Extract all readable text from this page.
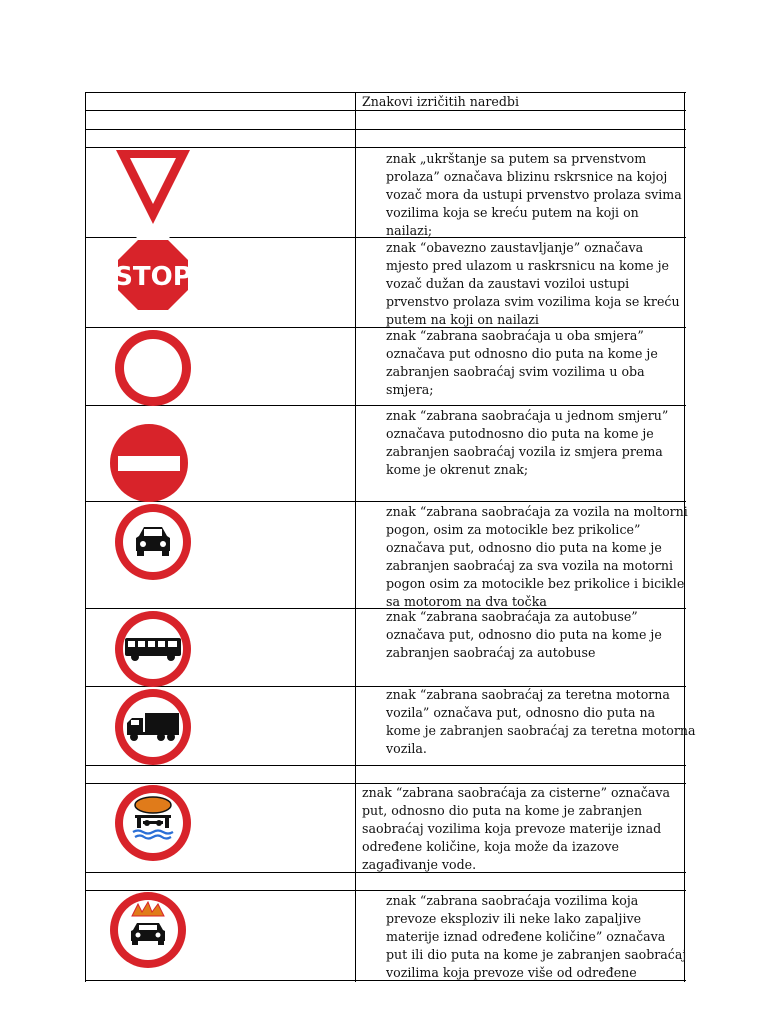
Znakovi izričitih naredbi
znak „ukrštanje sa putem sa prvenstvom
prolaza” označava blizinu rskrsnice na kojoj
vozač mora da ustupi prvenstvo prolaza svima
vozilima koja se kreću putem na koji on
nailazi;
STOP
znak “obavezno zaustavljanje” označava
mjesto pred ulazom u raskrsnicu na kome je
vozač dužan da zaustavi voziloi ustupi
prvenstvo prolaza svim vozilima koja se kreću
putem na koji on nailazi
znak “zabrana saobraćaja u oba smjera”
označava put odnosno dio puta na kome je
zabranjen saobraćaj svim vozilima u oba
smjera;
znak “zabrana saobraćaja u jednom smjeru”
označava putodnosno dio puta na kome je
zabranjen saobraćaj vozila iz smjera prema
kome je okrenut znak;
znak “zabrana saobraćaja za vozila na moltorni
pogon, osim za motocikle bez prikolice”
označava put, odnosno dio puta na kome je
zabranjen saobraćaj za sva vozila na motorni
pogon osim za motocikle bez prikolice i bicikle
sa motorom na dva točka
znak “zabrana saobraćaja za autobuse”
označava put, odnosno dio puta na kome je
zabranjen saobraćaj za autobuse
znak “zabrana saobraćaj za teretna motorna
vozila” označava put, odnosno dio puta na
kome je zabranjen saobraćaj za teretna motorna
vozila.
znak “zabrana saobraćaja za cisterne” označava
put, odnosno dio puta na kome je zabranjen
saobraćaj vozilima koja prevoze materije iznad
određene količine, koja može da izazove
zagađivanje vode.
znak “zabrana saobraćaja vozilima koja
prevoze eksploziv ili neke lako zapaljive
materije iznad određene količine” označava
put ili dio puta na kome je zabranjen saobraćaj
vozilima koja prevoze više od određene
